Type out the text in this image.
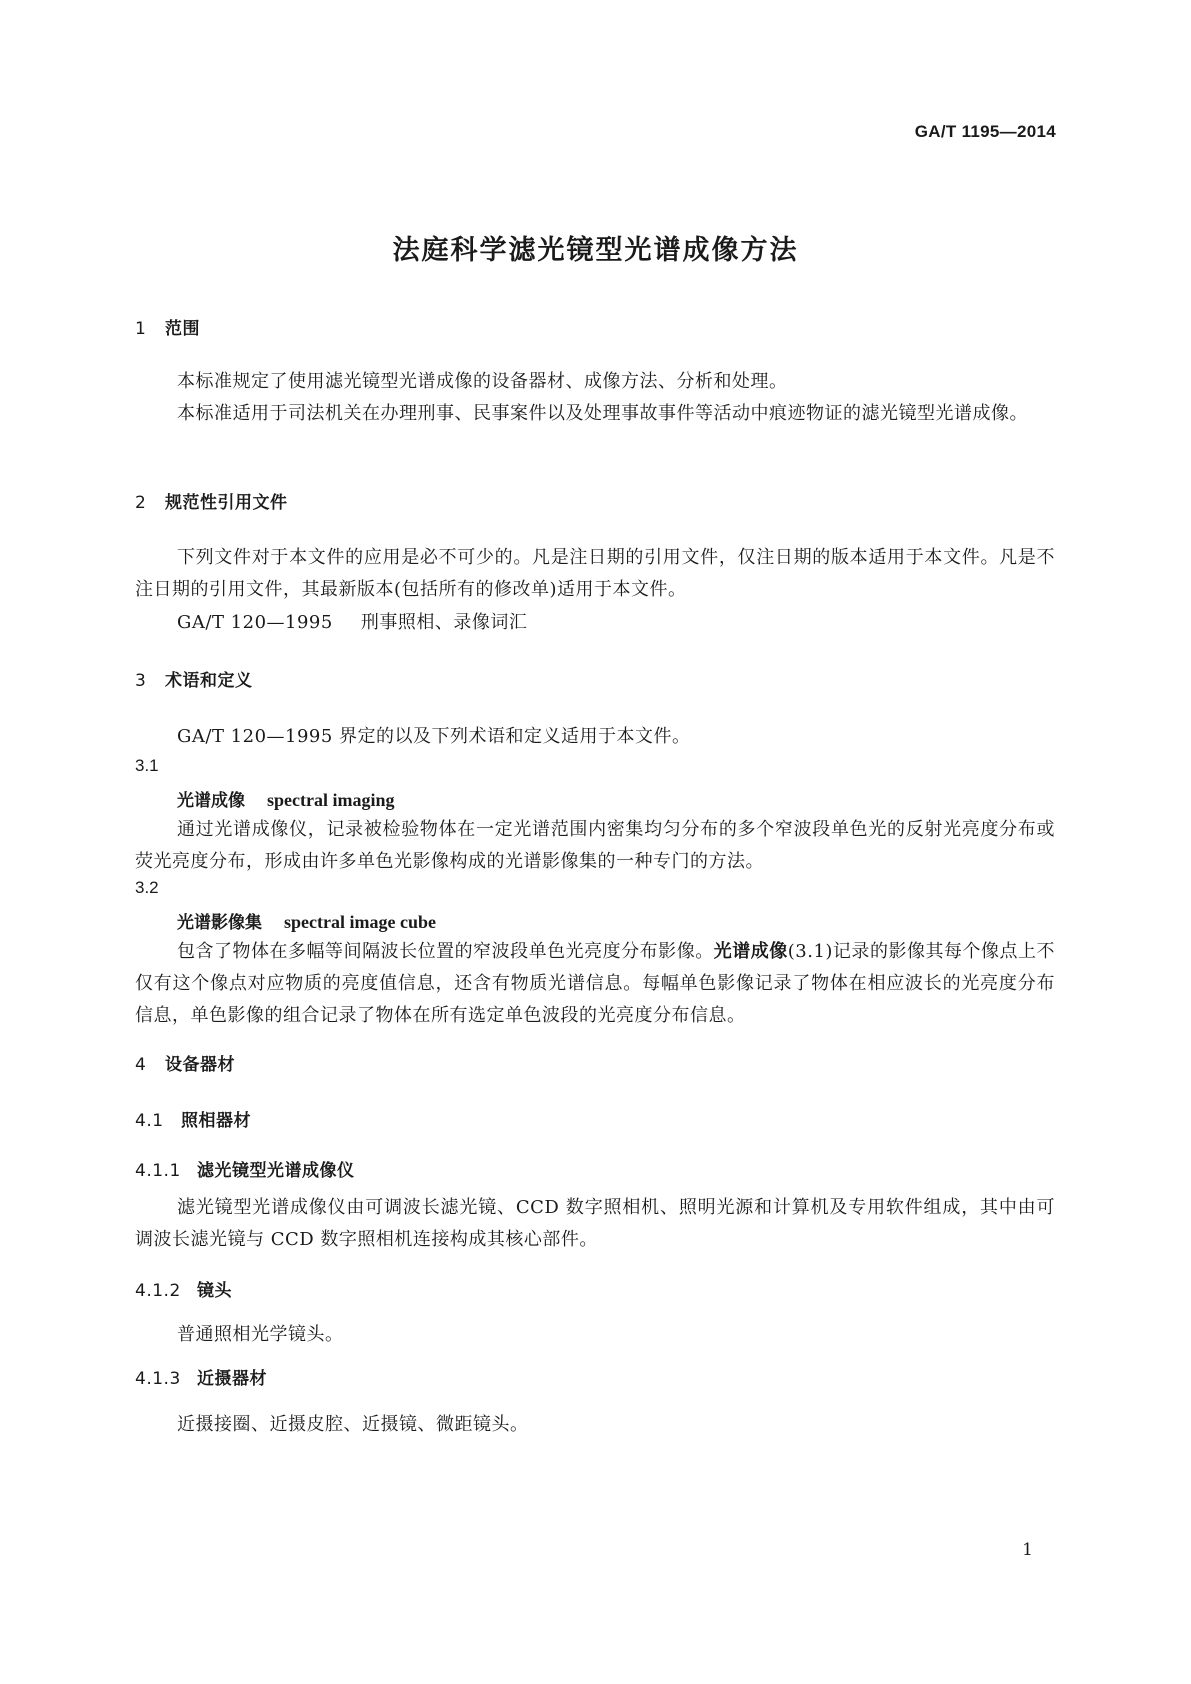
GA/T 1195—2014
法庭科学滤光镜型光谱成像方法
1 范围
本标准规定了使用滤光镜型光谱成像的设备器材、成像方法、分析和处理。
本标准适用于司法机关在办理刑事、民事案件以及处理事故事件等活动中痕迹物证的滤光镜型光谱成像。
2 规范性引用文件
下列文件对于本文件的应用是必不可少的。凡是注日期的引用文件，仅注日期的版本适用于本文件。凡是不注日期的引用文件，其最新版本(包括所有的修改单)适用于本文件。
GA/T 120—1995 刑事照相、录像词汇
3 术语和定义
GA/T 120—1995 界定的以及下列术语和定义适用于本文件。
3.1
光谱成像 spectral imaging
通过光谱成像仪，记录被检验物体在一定光谱范围内密集均匀分布的多个窄波段单色光的反射光亮度分布或荧光亮度分布，形成由许多单色光影像构成的光谱影像集的一种专门的方法。
3.2
光谱影像集 spectral image cube
包含了物体在多幅等间隔波长位置的窄波段单色光亮度分布影像。光谱成像(3.1)记录的影像其每个像点上不仅有这个像点对应物质的亮度值信息，还含有物质光谱信息。每幅单色影像记录了物体在相应波长的光亮度分布信息，单色影像的组合记录了物体在所有选定单色波段的光亮度分布信息。
4 设备器材
4.1 照相器材
4.1.1 滤光镜型光谱成像仪
滤光镜型光谱成像仪由可调波长滤光镜、CCD 数字照相机、照明光源和计算机及专用软件组成，其中由可调波长滤光镜与 CCD 数字照相机连接构成其核心部件。
4.1.2 镜头
普通照相光学镜头。
4.1.3 近摄器材
近摄接圈、近摄皮腔、近摄镜、微距镜头。
1
